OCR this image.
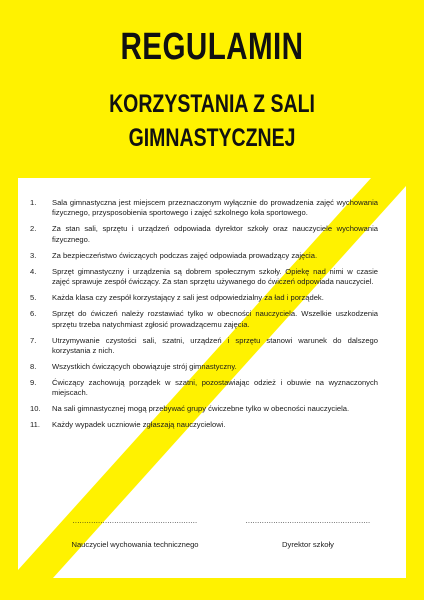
REGULAMIN
KORZYSTANIA Z SALI
GIMNASTYCZNEJ
1.	Sala gimnastyczna jest miejscem przeznaczonym wyłącznie do prowadzenia zajęć wychowania fizycznego, przysposobienia sportowego i zajęć szkolnego koła sportowego.
2.	Za stan sali, sprzętu i urządzeń odpowiada dyrektor szkoły oraz nauczyciele wychowania fizycznego.
3.	Za bezpieczeństwo ćwiczących podczas zajęć odpowiada prowadzący zajęcia.
4.	Sprzęt gimnastyczny i urządzenia są dobrem społecznym szkoły. Opiekę nad nimi w czasie zajęć sprawuje zespół ćwiczący. Za stan sprzętu używanego do ćwiczeń odpowiada nauczyciel.
5.	Każda klasa czy zespół korzystający z sali jest odpowiedzialny za ład i porządek.
6.	Sprzęt do ćwiczeń należy rozstawiać tylko w obecności nauczyciela. Wszelkie uszkodzenia sprzętu trzeba natychmiast zgłosić prowadzącemu zajęcia.
7.	Utrzymywanie czystości sali, szatni, urządzeń i sprzętu stanowi warunek do dalszego korzystania z nich.
8.	Wszystkich ćwiczących obowiązuje strój gimnastyczny.
9.	Ćwiczący zachowują porządek w szatni, pozostawiając odzież i obuwie na wyznaczonych miejscach.
10.	Na sali gimnastycznej mogą przebywać grupy ćwiczebne tylko w obecności nauczyciela.
11.	Każdy wypadek uczniowie zgłaszają nauczycielowi.
......................................................
Nauczyciel wychowania technicznego
......................................................
Dyrektor szkoły
